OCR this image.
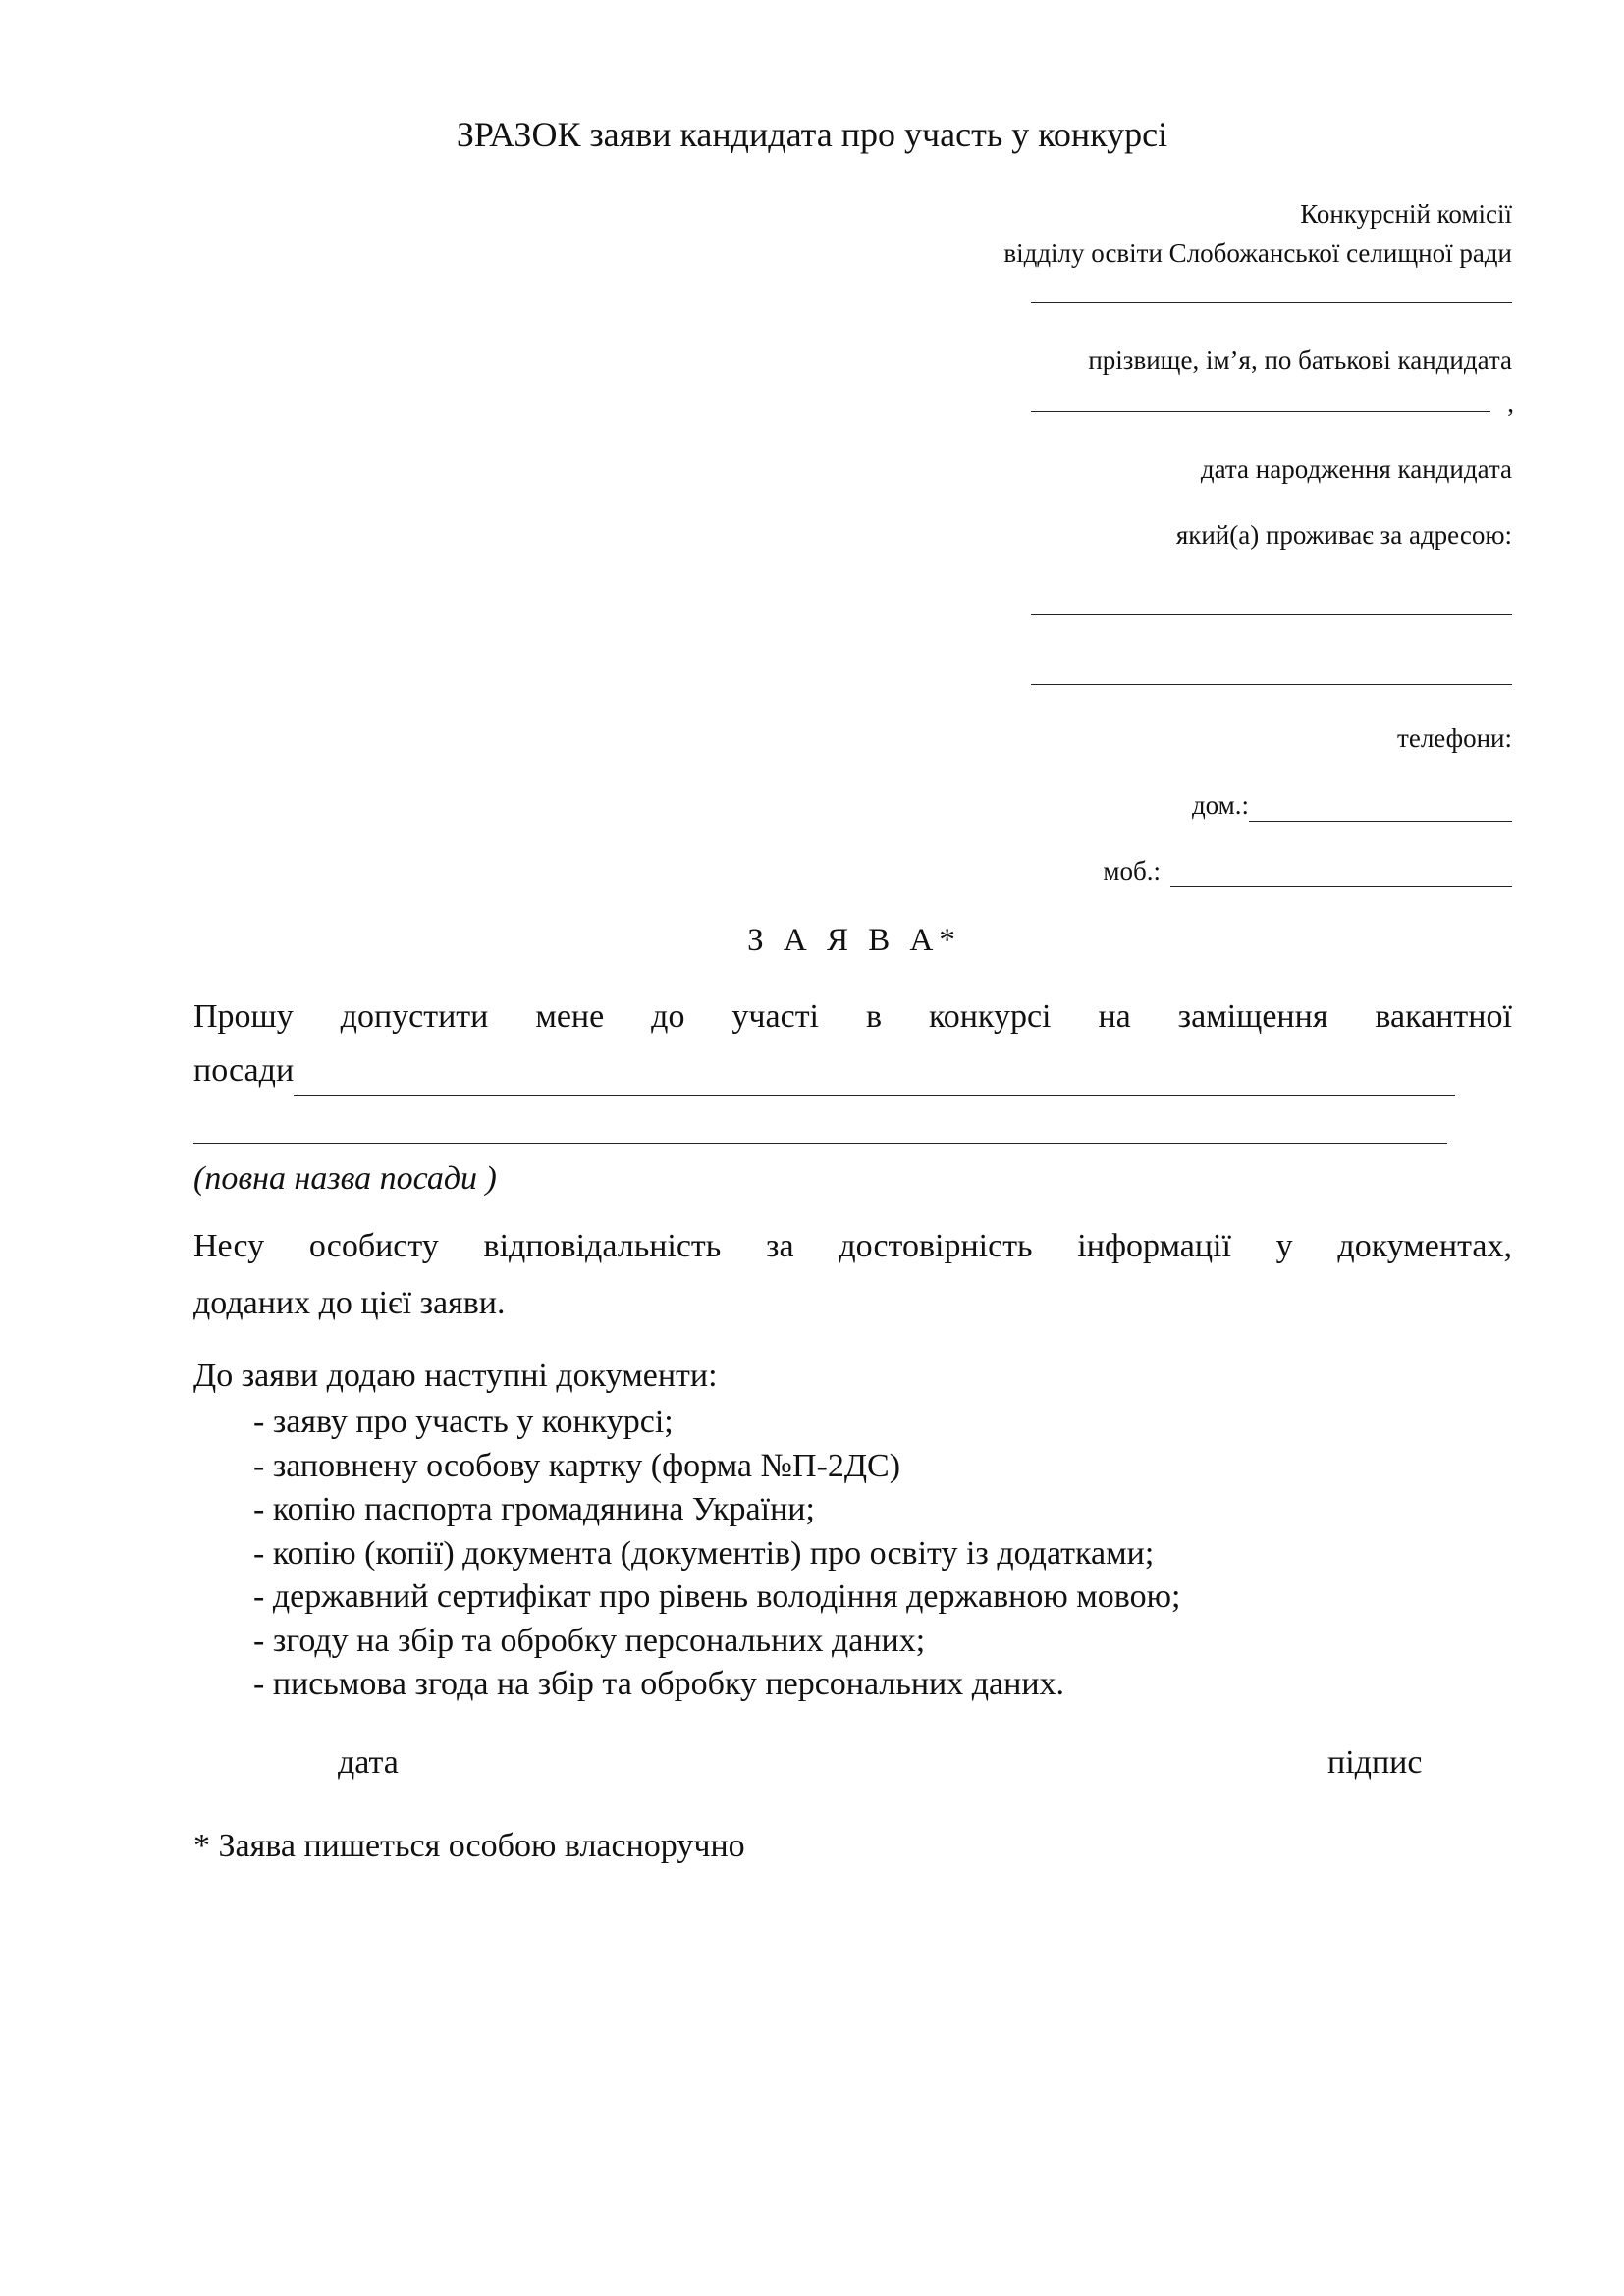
ЗРАЗОК заяви кандидата про участь у конкурсі
Конкурсній комісії
відділу освіти Слобожанської селищної ради
прізвище, ім’я, по батькові кандидата
,
дата народження кандидата
який(а) проживає за адресою:
телефони:
дом.:
моб.:
З А Я В А*
Прошу допустити мене до участі в конкурсі на заміщення вакантної
посади
(повна назва посади )
Несу особисту відповідальність за достовірність інформації у документах,
доданих до цієї заяви.
До заяви додаю наступні документи:
- заяву про участь у конкурсі;
- заповнену особову картку (форма №П-2ДС)
- копію паспорта громадянина України;
- копію (копії) документа (документів) про освіту із додатками;
- державний сертифікат про рівень володіння державною мовою;
- згоду на збір та обробку персональних даних;
- письмова згода на збір та обробку персональних даних.
дата	підпис
* Заява пишеться особою власноручно
